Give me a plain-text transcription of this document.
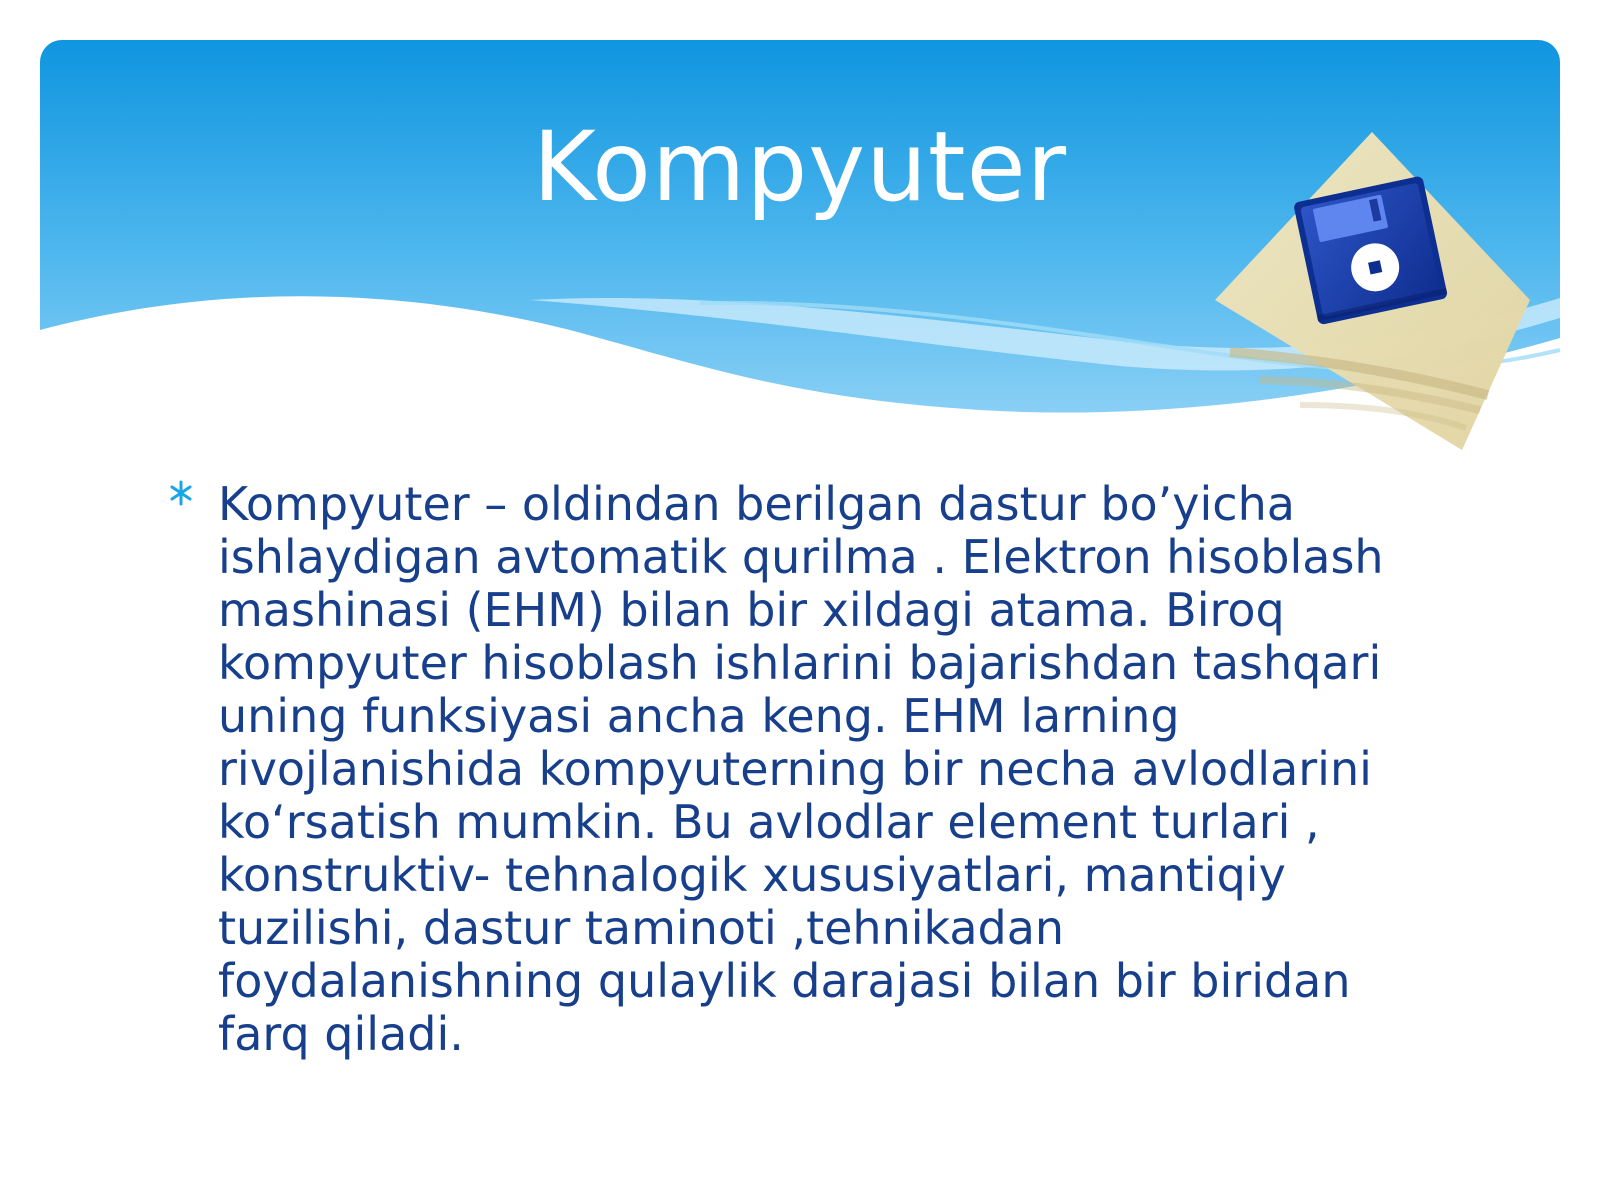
Kompyuter
Kompyuter – oldindan berilgan dastur bo’yicha ishlaydigan avtomatik qurilma . Elektron hisoblash mashinasi (EHM) bilan bir xildagi atama. Biroq kompyuter hisoblash ishlarini bajarishdan tashqari uning funksiyasi ancha keng. EHM larning rivojlanishida kompyuterning bir necha avlodlarini ko‘rsatish mumkin. Bu avlodlar element turlari , konstruktiv- tehnalogik xususiyatlari, mantiqiy tuzilishi, dastur taminoti ,tehnikadan foydalanishning qulaylik darajasi bilan bir biridan farq qiladi.
